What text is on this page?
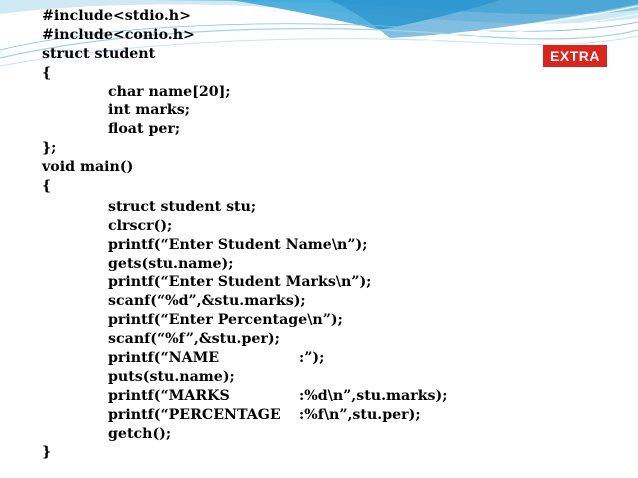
EXTRA
#include<stdio.h>
#include<conio.h>
struct student
{
char name[20];
int marks;
float per;
};
void main()
{
struct student stu;
clrscr();
printf(“Enter Student Name\n”);
gets(stu.name);
printf(“Enter Student Marks\n”);
scanf(“%d”,&stu.marks);
printf(“Enter Percentage\n”);
scanf(“%f”,&stu.per);
printf(“NAME	:”);
puts(stu.name);
printf(“MARKS	:%d\n”,stu.marks);
printf(“PERCENTAGE :%f\n”,stu.per);
getch();
}
